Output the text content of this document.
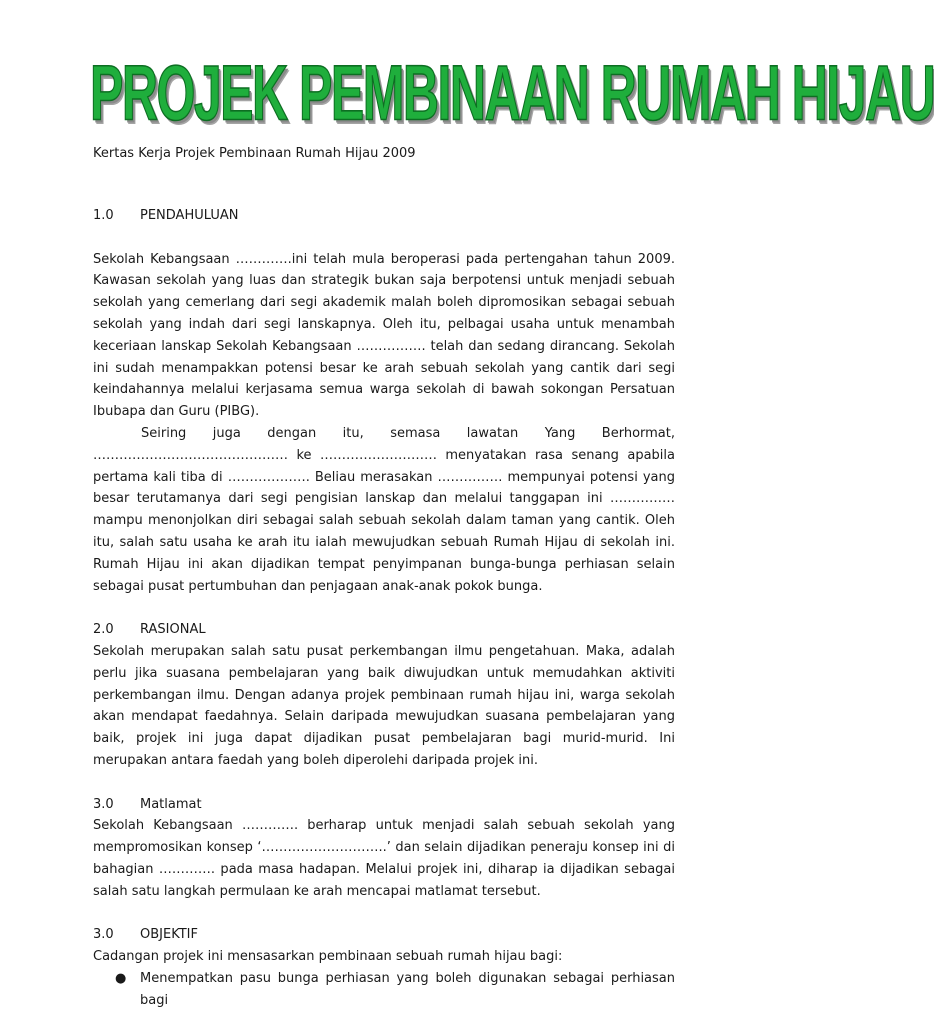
PROJEK PEMBINAAN RUMAH HIJAU
Kertas Kerja Projek Pembinaan Rumah Hijau 2009
1.0	PENDAHULUAN

Sekolah Kebangsaan ………….ini telah mula beroperasi pada pertengahan tahun 2009. Kawasan sekolah yang luas dan strategik bukan saja berpotensi untuk menjadi sebuah sekolah yang cemerlang dari segi akademik malah boleh dipromosikan sebagai sebuah sekolah yang indah dari segi lanskapnya. Oleh itu, pelbagai usaha untuk menambah keceriaan lanskap Sekolah Kebangsaan ……………. telah dan sedang dirancang. Sekolah ini sudah menampakkan potensi besar ke arah sebuah sekolah yang cantik dari segi keindahannya melalui kerjasama semua warga sekolah di bawah sokongan Persatuan Ibubapa dan Guru (PIBG).

Seiring juga dengan itu, semasa lawatan Yang Berhormat, ……………………………………… ke ……………………… menyatakan rasa senang apabila pertama kali tiba di ………………. Beliau merasakan …………… mempunyai potensi yang besar terutamanya dari segi pengisian lanskap dan melalui tanggapan ini …………… mampu menonjolkan diri sebagai salah sebuah sekolah dalam taman yang cantik. Oleh itu, salah satu usaha ke arah itu ialah mewujudkan sebuah Rumah Hijau di sekolah ini. Rumah Hijau ini akan dijadikan tempat penyimpanan bunga-bunga perhiasan selain sebagai pusat pertumbuhan dan penjagaan anak-anak pokok bunga.

2.0	RASIONAL

Sekolah merupakan salah satu pusat perkembangan ilmu pengetahuan. Maka, adalah perlu jika suasana pembelajaran yang baik diwujudkan untuk memudahkan aktiviti perkembangan ilmu. Dengan adanya projek pembinaan rumah hijau ini, warga sekolah akan mendapat faedahnya. Selain daripada mewujudkan suasana pembelajaran yang baik, projek ini juga dapat dijadikan pusat pembelajaran bagi murid-murid. Ini merupakan antara faedah yang boleh diperolehi daripada projek ini.

3.0	Matlamat

Sekolah Kebangsaan …………. berharap untuk menjadi salah sebuah sekolah yang mempromosikan konsep ‘………………………..’ dan selain dijadikan peneraju konsep ini di bahagian …………. pada masa hadapan. Melalui projek ini, diharap ia dijadikan sebagai salah satu langkah permulaan ke arah mencapai matlamat tersebut.

3.0	OBJEKTIF

Cadangan projek ini mensasarkan pembinaan sebuah rumah hijau bagi:

● Menempatkan pasu bunga perhiasan yang boleh digunakan sebagai perhiasan bagi
